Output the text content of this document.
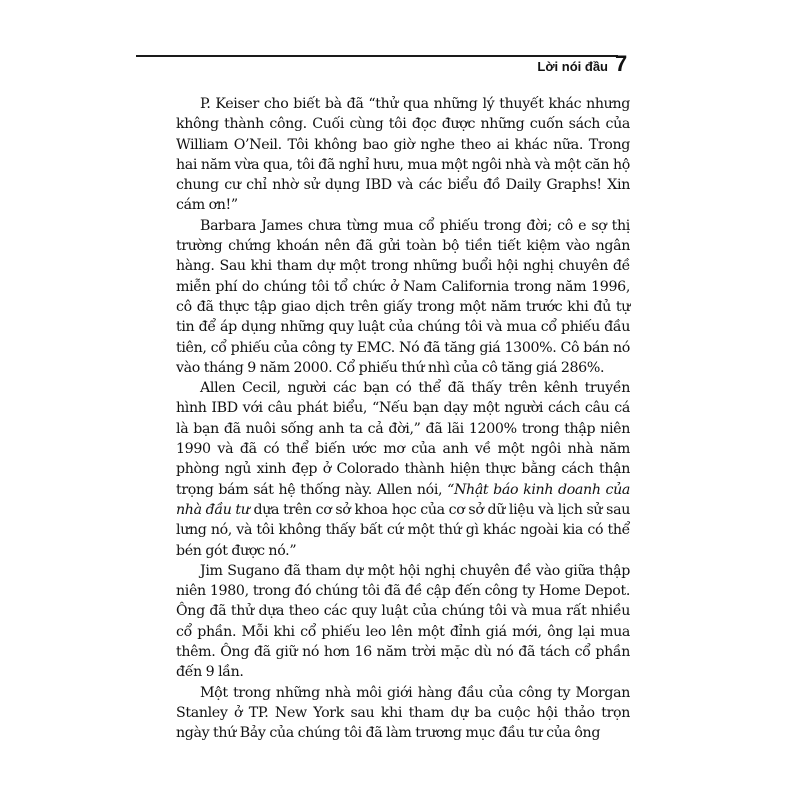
Lời nói đầu 7

P. Keiser cho biết bà đã “thử qua những lý thuyết khác nhưng không thành công. Cuối cùng tôi đọc được những cuốn sách của William O’Neil. Tôi không bao giờ nghe theo ai khác nữa. Trong hai năm vừa qua, tôi đã nghỉ hưu, mua một ngôi nhà và một căn hộ chung cư chỉ nhờ sử dụng IBD và các biểu đồ Daily Graphs! Xin cám ơn!”

Barbara James chưa từng mua cổ phiếu trong đời; cô e sợ thị trường chứng khoán nên đã gửi toàn bộ tiền tiết kiệm vào ngân hàng. Sau khi tham dự một trong những buổi hội nghị chuyên đề miễn phí do chúng tôi tổ chức ở Nam California trong năm 1996, cô đã thực tập giao dịch trên giấy trong một năm trước khi đủ tự tin để áp dụng những quy luật của chúng tôi và mua cổ phiếu đầu tiên, cổ phiếu của công ty EMC. Nó đã tăng giá 1300%. Cô bán nó vào tháng 9 năm 2000. Cổ phiếu thứ nhì của cô tăng giá 286%.

Allen Cecil, người các bạn có thể đã thấy trên kênh truyền hình IBD với câu phát biểu, “Nếu bạn dạy một người cách câu cá là bạn đã nuôi sống anh ta cả đời,” đã lãi 1200% trong thập niên 1990 và đã có thể biến ước mơ của anh về một ngôi nhà năm phòng ngủ xinh đẹp ở Colorado thành hiện thực bằng cách thận trọng bám sát hệ thống này. Allen nói, “Nhật báo kinh doanh của nhà đầu tư dựa trên cơ sở khoa học của cơ sở dữ liệu và lịch sử sau lưng nó, và tôi không thấy bất cứ một thứ gì khác ngoài kia có thể bén gót được nó.”

Jim Sugano đã tham dự một hội nghị chuyên đề vào giữa thập niên 1980, trong đó chúng tôi đã đề cập đến công ty Home Depot. Ông đã thử dựa theo các quy luật của chúng tôi và mua rất nhiều cổ phần. Mỗi khi cổ phiếu leo lên một đỉnh giá mới, ông lại mua thêm. Ông đã giữ nó hơn 16 năm trời mặc dù nó đã tách cổ phần đến 9 lần.

Một trong những nhà môi giới hàng đầu của công ty Morgan Stanley ở TP. New York sau khi tham dự ba cuộc hội thảo trọn ngày thứ Bảy của chúng tôi đã làm trương mục đầu tư của ông
